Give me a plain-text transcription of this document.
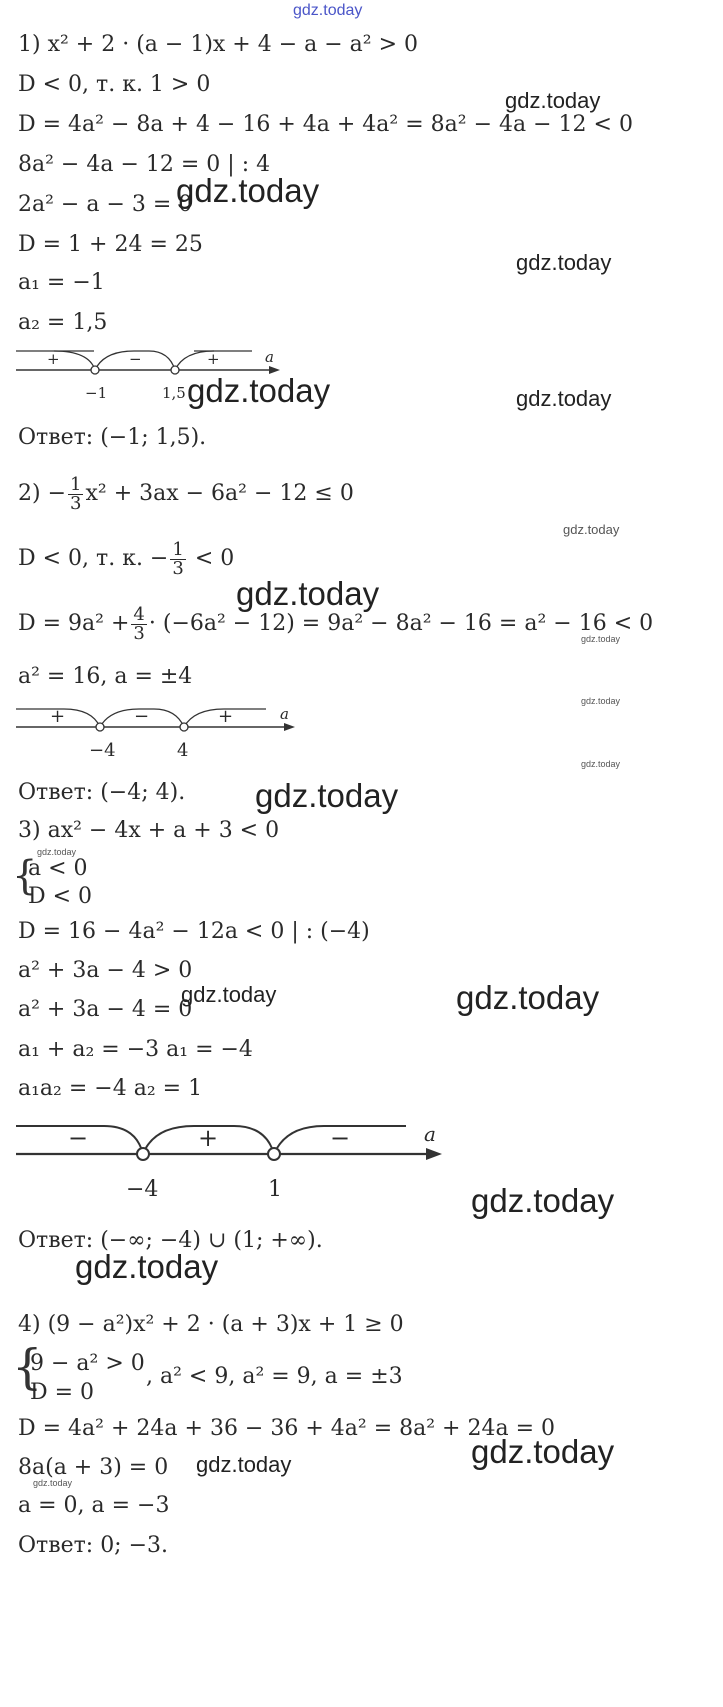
gdz.today
1) x² + 2 · (a − 1)x + 4 − a − a² > 0
D < 0, т. к. 1 > 0
D = 4a² − 8a + 4 − 16 + 4a + 4a² = 8a² − 4a − 12 < 0
8a² − 4a − 12 = 0 | : 4
2a² − a − 3 = 0
D = 1 + 24 = 25
a₁ = −1
a₂ = 1,5
+	−	+	a
−1	1,5
Ответ: (−1; 1,5).
$2) - \frac{1}{3} x^2 + 3ax - 6a^2 - 12 \le 0$
D < 0, т. к. − $\frac{1}{3} < 0$
$D = 9a^2 + \frac{4}{3} \cdot (-6a^2 - 12) = 9a^2 - 8a^2 - 16 = a^2 - 16 < 0$
a² = 16, a = ±4
+	−	+	a
−4	4
Ответ: (−4; 4).
3) ax² − 4x + a + 3 < 0
{
a < 0
D < 0
D = 16 − 4a² − 12a < 0 | : (−4)
a² + 3a − 4 > 0
a² + 3a − 4 = 0
a₁ + a₂ = −3 a₁ = −4
a₁a₂ = −4 a₂ = 1
−	+	−	a
−4	1
Ответ: (−∞; −4) ∪ (1; +∞).
4) (9 − a²)x² + 2 · (a + 3)x + 1 ≥ 0
{
9 − a² > 0
D = 0
, a² < 9, a² = 9, a = ±3
D = 4a² + 24a + 36 − 36 + 4a² = 8a² + 24a = 0
8a(a + 3) = 0
a = 0, a = −3
Ответ: 0; −3.
gdz.today
gdz.today
gdz.today
gdz.today	gdz.today
gdz.today
gdz.today
gdz.today
gdz.today
gdz.today
gdz.today
gdz.today
gdz.today	gdz.today
gdz.today
gdz.today
gdz.today
gdz.today
gdz.today
